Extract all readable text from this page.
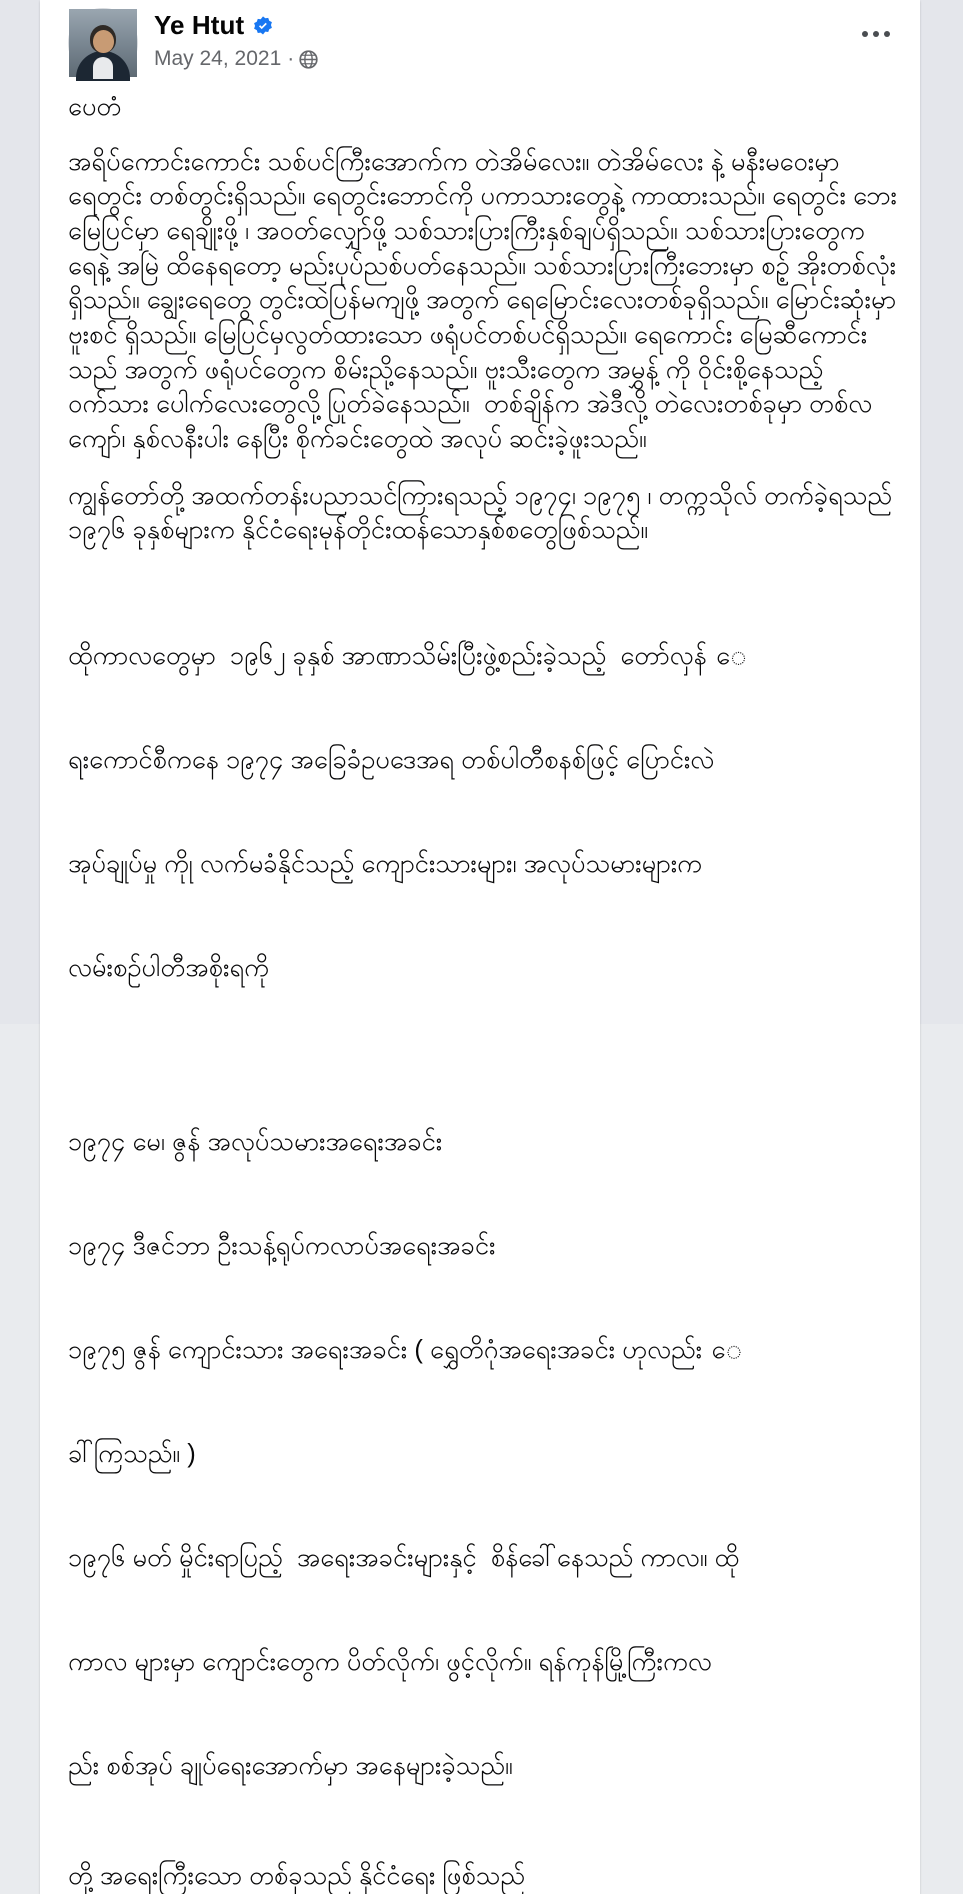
Ye Htut
May 24, 2021 ·
ပေတံ
အရိပ်ကောင်းကောင်း သစ်ပင်ကြီးအောက်က တဲအိမ်လေး။ တဲအိမ်လေး နဲ့ မနီးမဝေးမှာ ရေတွင်း တစ်တွင်းရှိသည်။ ရေတွင်းဘောင်ကို ပကာသားတွေနဲ့ ကာထားသည်။ ရေတွင်း ဘေး မြေပြင်မှာ ရေချိုးဖို့ ၊ အဝတ်လျှော်ဖို့ သစ်သားပြားကြီးနှစ်ချပ်ရှိသည်။ သစ်သားပြားတွေက ရေနဲ့ အမြဲ ထိနေရတော့ မည်းပုပ်ညစ်ပတ်နေသည်။ သစ်သားပြားကြီးဘေးမှာ စဉ့် အိုးတစ်လုံးရှိသည်။ ချွေးရေတွေ တွင်းထဲပြန်မကျဖို့ အတွက် ရေမြောင်းလေးတစ်ခုရှိသည်။ မြောင်းဆုံးမှာ ဗူးစင် ရှိသည်။ မြေပြင်မှလွတ်ထားသော ဖရုံပင်တစ်ပင်ရှိသည်။ ရေကောင်း မြေဆီကောင်းသည် အတွက် ဖရုံပင်တွေက စိမ်းညို့နေသည်။ ဗူးသီးတွေက အမွှန့် ကို ဝိုင်းစို့နေသည့် ဝက်သား ပေါက်လေးတွေလို့ ပြုတ်ခဲနေသည်။  တစ်ချိန်က အဲဒီလို့ တဲလေးတစ်ခုမှာ တစ်လကျော်၊ နှစ်လနီးပါး နေပြီး စိုက်ခင်းတွေထဲ အလုပ် ဆင်းခဲ့ဖူးသည်။
ကျွန်တော်တို့ အထက်တန်းပညာသင်ကြားရသည့် ၁၉၇၄၊ ၁၉၇၅ ၊ တက္ကသိုလ် တက်ခဲ့ရသည် ၁၉၇၆ ခုနှစ်များက နိုင်ငံရေးမုန်တိုင်းထန်သောနှစ်စတွေဖြစ်သည်။

ထိုကာလတွေမှာ  ၁၉၆၂ ခုနှစ် အာဏာသိမ်းပြီးဖွဲ့စည်းခဲ့သည့်  တော်လှန် ေ

ရးကောင်စီကနေ ၁၉၇၄ အခြေခံဥပဒေအရ တစ်ပါတီစနစ်ဖြင့် ပြောင်းလဲ

အုပ်ချုပ်မှု ကိုု လက်မခံနိုင်သည့် ကျောင်းသားများ၊ အလုပ်သမားများက

လမ်းစဉ်ပါတီအစိုးရကို

၁၉၇၄ မေ၊ ဇွန် အလုပ်သမားအရေးအခင်း

၁၉၇၄ ဒီဇင်ဘာ ဦးသန့်ရုပ်ကလာပ်အရေးအခင်း

၁၉၇၅ ဇွန် ကျောင်းသား အရေးအခင်း ( ရွှေတိဂုံအရေးအခင်း ဟုလည်း ေ

ခါ်ကြသည်။ )

၁၉၇၆ မတ် မှိုင်းရာပြည့်  အရေးအခင်းများနှင့်  စိန်ခေါ်နေသည် ကာလ။ ထို

ကာလ များမှာ ကျောင်းတွေက ပိတ်လိုက်၊ ဖွင့်လိုက်။ ရန်ကုန်မြို့ကြီးကလ

ည်း စစ်အုပ် ချုပ်ရေးအောက်မှာ အနေများခဲ့သည်။

တို့ အရေးကြီးသော တစ်ခုသည် နိုင်ငံရေး ဖြစ်သည်
